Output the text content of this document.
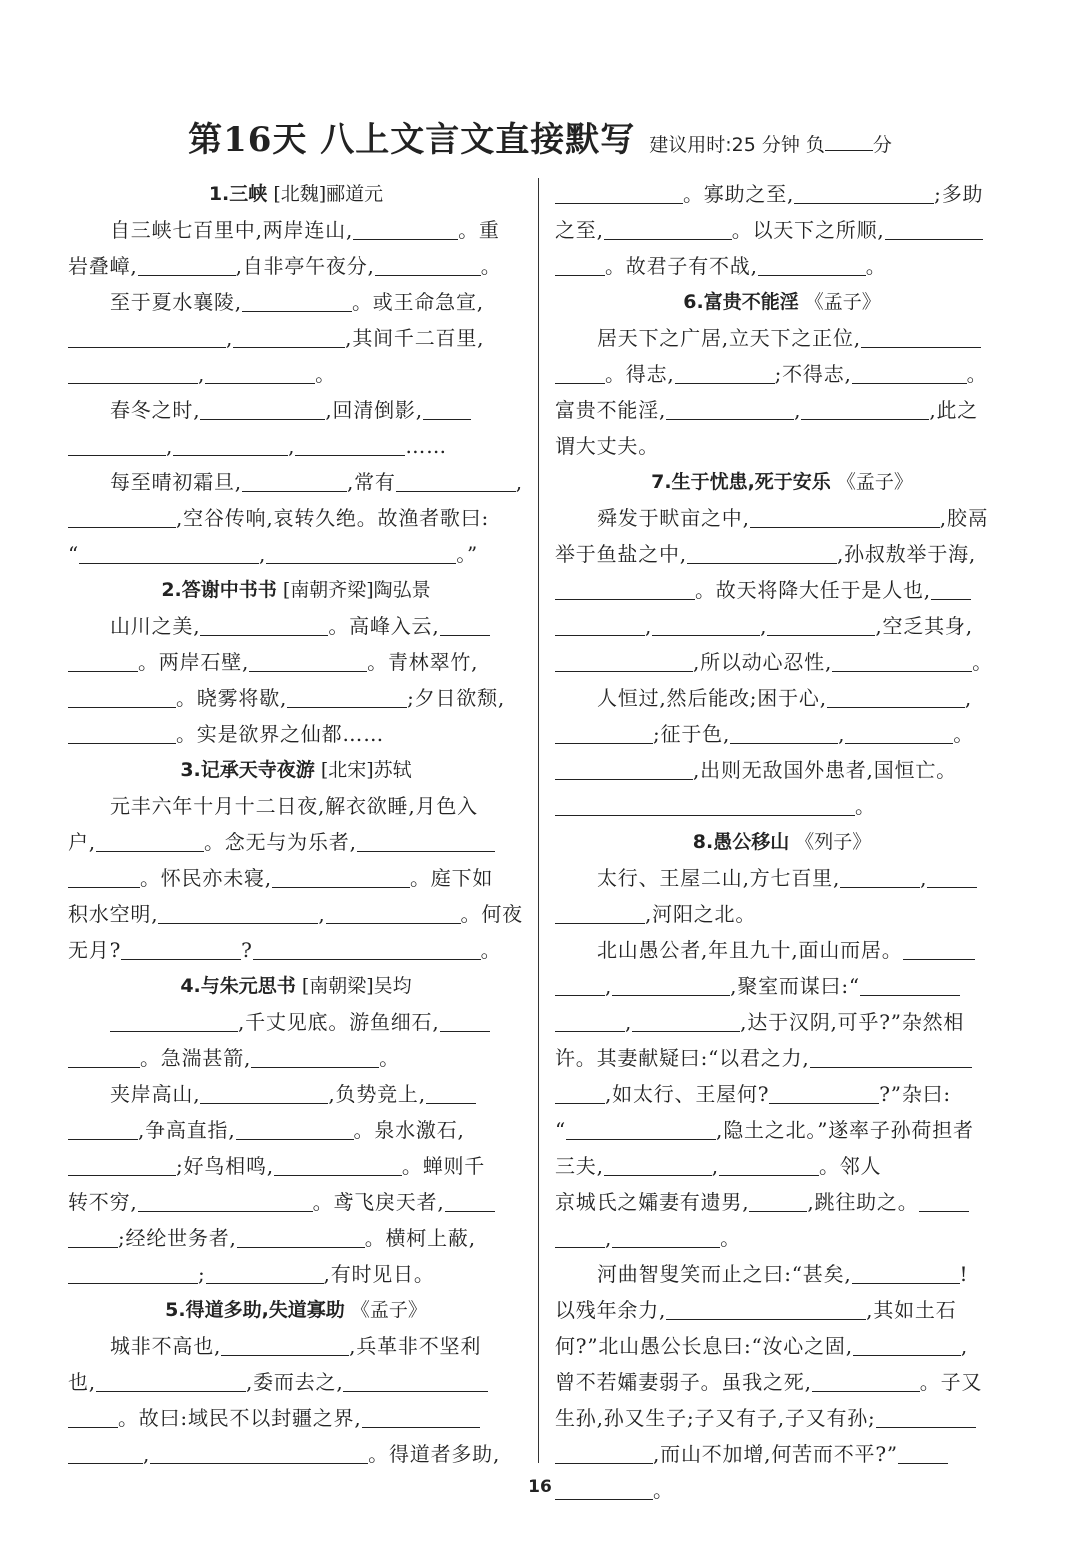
第16天 八上文言文直接默写 建议用时:25 分钟 负	分
1.三峡 [北魏]郦道元
自三峡七百里中,两岸连山,	。重
岩叠嶂,	,自非亭午夜分,	。
至于夏水襄陵,	。或王命急宣,
,	,其间千二百里,
,	。
春冬之时,	,回清倒影,
,	,	……
每至晴初霜旦,	,常有	,
,空谷传响,哀转久绝。故渔者歌曰:
“	,	。”
2.答谢中书书 [南朝齐梁]陶弘景
山川之美,	。高峰入云,
。两岸石壁,	。青林翠竹,
。晓雾将歇,	;夕日欲颓,
。实是欲界之仙都……
3.记承天寺夜游 [北宋]苏轼
元丰六年十月十二日夜,解衣欲睡,月色入
户,	。念无与为乐者,
。怀民亦未寝,	。庭下如
积水空明,	,	。何夜
无月?	?	。
4.与朱元思书 [南朝梁]吴均
,千丈见底。游鱼细石,
。急湍甚箭,	。
夹岸高山,	,负势竞上,
,争高直指,	。泉水激石,
;好鸟相鸣,	。蝉则千
转不穷,	。鸢飞戾天者,
;经纶世务者,	。横柯上蔽,
;	,有时见日。
5.得道多助,失道寡助 《孟子》
城非不高也,	,兵革非不坚利
也,	,委而去之,
。故曰:域民不以封疆之界,
,	。得道者多助,
。寡助之至,	;多助
之至,	。以天下之所顺,
。故君子有不战,	。
6.富贵不能淫 《孟子》
居天下之广居,立天下之正位,
。得志,	;不得志,	。
富贵不能淫,	,	,此之
谓大丈夫。
7.生于忧患,死于安乐 《孟子》
舜发于畎亩之中,	,胶鬲
举于鱼盐之中,	,孙叔敖举于海,
。故天将降大任于是人也,
,	,	,空乏其身,
,所以动心忍性,	。
人恒过,然后能改;困于心,	,
;征于色,	,	。
,出则无敌国外患者,国恒亡。
。
8.愚公移山 《列子》
太行、王屋二山,方七百里,	,
,河阳之北。
北山愚公者,年且九十,面山而居。
,	,聚室而谋曰:“
,	,达于汉阴,可乎?”杂然相
许。其妻献疑曰:“以君之力,
,如太行、王屋何?	?”杂曰:
“	,隐土之北。”遂率子孙荷担者
三夫,	,	。邻人
京城氏之孀妻有遗男,	,跳往助之。
,	。
河曲智叟笑而止之曰:“甚矣,	!
以残年余力,	,其如土石
何?”北山愚公长息曰:“汝心之固,	,
曾不若孀妻弱子。虽我之死,	。子又
生孙,孙又生子;子又有子,子又有孙;
,而山不加增,何苦而不平?”
。
16
